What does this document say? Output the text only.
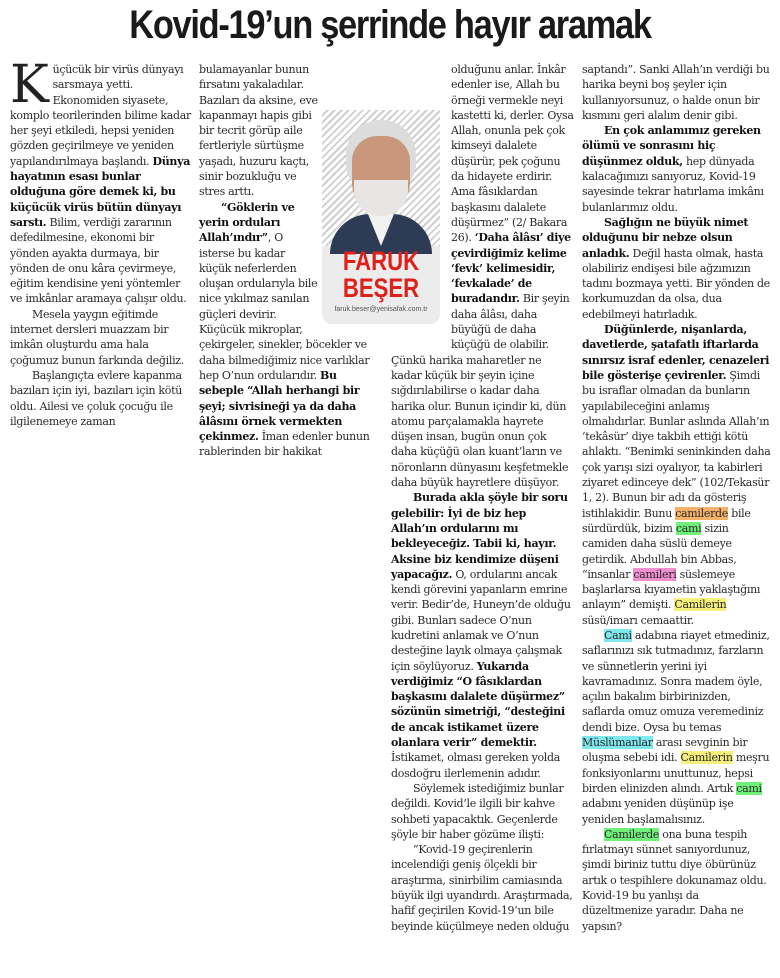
Kovid-19’un şerrinde hayır aramak

Küçücük bir virüs dünyayı sarsmaya yetti. Ekonomiden siyasete, komplo teorilerinden bilime kadar her şeyi etkiledi, hepsi yeniden gözden geçirilmeye ve yeniden yapılandırılmaya başlandı. Dünya hayatının esası bunlar olduğuna göre demek ki, bu küçücük virüs bütün dünyayı sarstı. Bilim, verdiği zararının defedilmesine, ekonomi bir yönden ayakta durmaya, bir yönden de onu kâra çevirmeye, eğitim kendisine yeni yöntemler ve imkânlar aramaya çalışır oldu.

Mesela yaygın eğitimde internet dersleri muazzam bir imkân oluşturdu ama hala çoğumuz bunun farkında değiliz.

Başlangıçta evlere kapanma bazıları için iyi, bazıları için kötü oldu. Ailesi ve çoluk çocuğu ile ilgilenemeye zaman

bulamayanlar bunun fırsatını yakaladılar. Bazıları da aksine, eve kapanmayı hapis gibi bir tecrit görüp aile fertleriyle sürtüşme yaşadı, huzuru kaçtı, sinir bozukluğu ve stres arttı.

“Göklerin ve yerin orduları Allah’ındır”, O isterse bu kadar küçük neferlerden oluşan ordularıyla bile nice yıkılmaz sanılan güçleri devirir. Küçücük mikroplar, çekirgeler, sinekler, böcekler ve daha bilmediğimiz nice varlıklar hep O’nun ordularıdır. Bu sebeple “Allah herhangi bir şeyi; sivrisineği ya da daha âlâsını örnek vermekten çekinmez. İman edenler bunun rablerinden bir hakikat

olduğunu anlar. İnkâr edenler ise, Allah bu örneği vermekle neyi kastetti ki, derler. Oysa Allah, onunla pek çok kimseyi dalalete düşürür, pek çoğunu da hidayete erdirir. Ama fâsıklardan başkasını dalalete düşürmez” (2/ Bakara 26). ‘Daha âlâsı’ diye çevirdiğimiz kelime ‘fevk’ kelimesidir, ‘fevkalade’ de buradandır. Bir şeyin daha âlâsı, daha büyüğü de daha küçüğü de olabilir. Çünkü harika maharetler ne kadar küçük bir şeyin içine sığdırılabilirse o kadar daha harika olur. Bunun içindir ki, dün atomu parçalamakla hayrete düşen insan, bugün onun çok daha küçüğü olan kuant’ların ve nöronların dünyasını keşfetmekle daha büyük hayretlere düşüyor.

Burada akla şöyle bir soru gelebilir: İyi de biz hep Allah’ın ordularını mı bekleyeceğiz. Tabii ki, hayır. Aksine biz kendimize düşeni yapacağız. O, ordularını ancak kendi görevini yapanların emrine verir. Bedir’de, Huneyn’de olduğu gibi. Bunları sadece O’nun kudretini anlamak ve O’nun desteğine layık olmaya çalışmak için söylüyoruz. Yukarıda verdiğimiz “O fâsıklardan başkasını dalalete düşürmez” sözünün simetriği, “desteğini de ancak istikamet üzere olanlara verir” demektir. İstikamet, olması gereken yolda dosdoğru ilerlemenin adıdır.

Söylemek istediğimiz bunlar değildi. Kovid’le ilgili bir kahve sohbeti yapacaktık. Geçenlerde şöyle bir haber gözüme ilişti:

“Kovid-19 geçirenlerin incelendiği geniş ölçekli bir araştırma, sinirbilim camiasında büyük ilgi uyandırdı. Araştırmada, hafif geçirilen Kovid-19’un bile beyinde küçülmeye neden olduğu

saptandı”. Sanki Allah’ın verdiği bu harika beyni boş şeyler için kullanıyorsunuz, o halde onun bir kısmını geri alalım denir gibi.

En çok anlamımız gereken ölümü ve sonrasını hiç düşünmez olduk, hep dünyada kalacağımızı sanıyoruz, Kovid-19 sayesinde tekrar hatırlama imkânı bulanlarımız oldu.

Sağlığın ne büyük nimet olduğunu bir nebze olsun anladık. Değil hasta olmak, hasta olabiliriz endişesi bile ağzımızın tadını bozmaya yetti. Bir yönden de korkumuzdan da olsa, dua edebilmeyi hatırladık.

Düğünlerde, nişanlarda, davetlerde, şatafatlı iftarlarda sınırsız israf edenler, cenazeleri bile gösterişe çevirenler. Şimdi bu israflar olmadan da bunların yapılabileceğini anlamış olmalıdırlar. Bunlar aslında Allah’ın ‘tekâsür’ diye takbih ettiği kötü ahlaktı. “Benimki seninkinden daha çok yarışı sizi oyalıyor, ta kabirleri ziyaret edinceye dek” (102/Tekasür 1, 2). Bunun bir adı da gösteriş istihlakidir. Bunu camilerde bile sürdürdük, bizim cami sizin camiden daha süslü demeye getirdik. Abdullah bin Abbas, “insanlar camileri süslemeye başlarlarsa kıyametin yaklaştığını anlayın” demişti. Camilerin süsü/imarı cemaattir.

Cami adabına riayet etmediniz, saflarınızı sık tutmadınız, farzların ve sünnetlerin yerini iyi kavramadınız. Sonra madem öyle, açılın bakalım birbirinizden, saflarda omuz omuza veremediniz dendi bize. Oysa bu temas Müslümanlar arası sevginin bir oluşma sebebi idi. Camilerin meşru fonksiyonlarını unuttunuz, hepsi birden elinizden alındı. Artık cami adabını yeniden düşünüp işe yeniden başlamalısınız.

Camilerde ona buna tespih fırlatmayı sünnet sanıyordunuz, şimdi biriniz tuttu diye öbürünüz artık o tespihlere dokunamaz oldu. Kovid-19 bu yanlışı da düzeltmenize yaradır. Daha ne yapsın?

FARUK
BEŞER
faruk.beser@yenisafak.com.tr
